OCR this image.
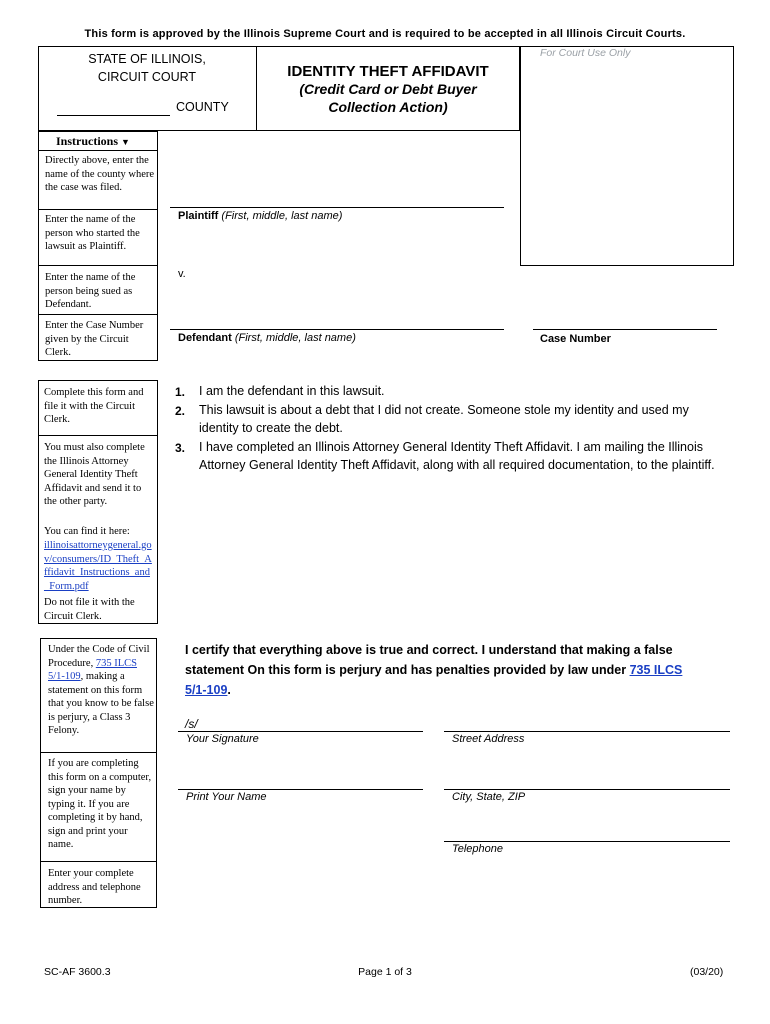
This form is approved by the Illinois Supreme Court and is required to be accepted in all Illinois Circuit Courts.
STATE OF ILLINOIS,
CIRCUIT COURT
COUNTY
IDENTITY THEFT AFFIDAVIT
(Credit Card or Debt Buyer
Collection Action)
For Court Use Only
Instructions ▼
Directly above, enter the name of the county where the case was filed.
Enter the name of the person who started the lawsuit as Plaintiff.
Enter the name of the person being sued as Defendant.
Enter the Case Number given by the Circuit Clerk.
Plaintiff (First, middle, last name)
v.
Defendant (First, middle, last name)	Case Number
Complete this form and file it with the Circuit Clerk.
You must also complete the Illinois Attorney General Identity Theft Affidavit and send it to the other party.
You can find it here:
illinoisattorneygeneral.gov/consumers/ID_Theft_Affidavit_Instructions_and_Form.pdf
Do not file it with the Circuit Clerk.
1. I am the defendant in this lawsuit.
2. This lawsuit is about a debt that I did not create. Someone stole my identity and used my identity to create the debt.
3. I have completed an Illinois Attorney General Identity Theft Affidavit. I am mailing the Illinois Attorney General Identity Theft Affidavit, along with all required documentation, to the plaintiff.
Under the Code of Civil Procedure, 735 ILCS 5/1-109, making a statement on this form that you know to be false is perjury, a Class 3 Felony.
If you are completing this form on a computer, sign your name by typing it. If you are completing it by hand, sign and print your name.
Enter your complete address and telephone number.
I certify that everything above is true and correct. I understand that making a false statement On this form is perjury and has penalties provided by law under 735 ILCS 5/1-109.
/s/
Your Signature	Street Address
Print Your Name	City, State, ZIP
Telephone
SC-AF 3600.3	Page 1 of 3	(03/20)
